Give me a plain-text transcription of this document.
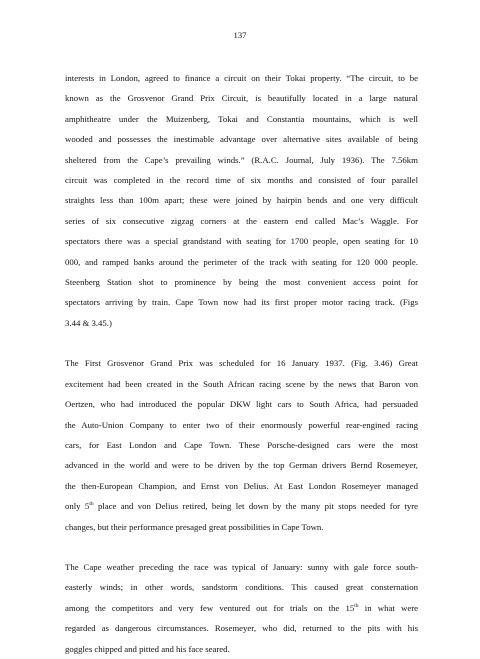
137

interests in London, agreed to finance a circuit on their Tokai property. “The circuit, to be
known as the Grosvenor Grand Prix Circuit, is beautifully located in a large natural
amphitheatre under the Muizenberg, Tokai and Constantia mountains, which is well
wooded and possesses the inestimable advantage over alternative sites available of being
sheltered from the Cape’s prevailing winds.” (R.A.C. Journal, July 1936). The 7.56km
circuit was completed in the record time of six months and consisted of four parallel
straights less than 100m apart; these were joined by hairpin bends and one very difficult
series of six consecutive zigzag corners at the eastern end called Mac’s Waggle. For
spectators there was a special grandstand with seating for 1700 people, open seating for 10
000, and ramped banks around the perimeter of the track with seating for 120 000 people.
Steenberg Station shot to prominence by being the most convenient access point for
spectators arriving by train. Cape Town now had its first proper motor racing track. (Figs
3.44 & 3.45.)

The First Grosvenor Grand Prix was scheduled for 16 January 1937. (Fig. 3.46) Great
excitement had been created in the South African racing scene by the news that Baron von
Oertzen, who had introduced the popular DKW light cars to South Africa, had persuaded
the Auto-Union Company to enter two of their enormously powerful rear-engined racing
cars, for East London and Cape Town. These Porsche-designed cars were the most
advanced in the world and were to be driven by the top German drivers Bernd Rosemeyer,
the then-European Champion, and Ernst von Delius. At East London Rosemeyer managed
only 5th place and von Delius retired, being let down by the many pit stops needed for tyre
changes, but their performance presaged great possibilities in Cape Town.

The Cape weather preceding the race was typical of January: sunny with gale force south-
easterly winds; in other words, sandstorm conditions. This caused great consternation
among the competitors and very few ventured out for trials on the 15th in what were
regarded as dangerous circumstances. Rosemeyer, who did, returned to the pits with his
goggles chipped and pitted and his face seared.
